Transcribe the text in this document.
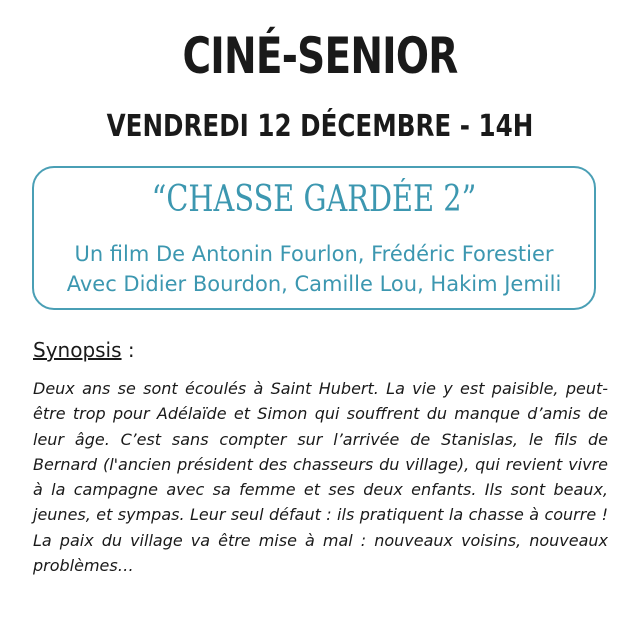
CINÉ-SENIOR
VENDREDI 12 DÉCEMBRE - 14H
“CHASSE GARDÉE 2”
Un film De Antonin Fourlon, Frédéric Forestier
Avec Didier Bourdon, Camille Lou, Hakim Jemili
Synopsis :
Deux ans se sont écoulés à Saint Hubert. La vie y est paisible, peut-être trop pour Adélaïde et Simon qui souffrent du manque d’amis de leur âge. C’est sans compter sur l’arrivée de Stanislas, le fils de Bernard (l'ancien président des chasseurs du village), qui revient vivre à la campagne avec sa femme et ses deux enfants. Ils sont beaux, jeunes, et sympas. Leur seul défaut : ils pratiquent la chasse à courre ! La paix du village va être mise à mal : nouveaux voisins, nouveaux problèmes…
